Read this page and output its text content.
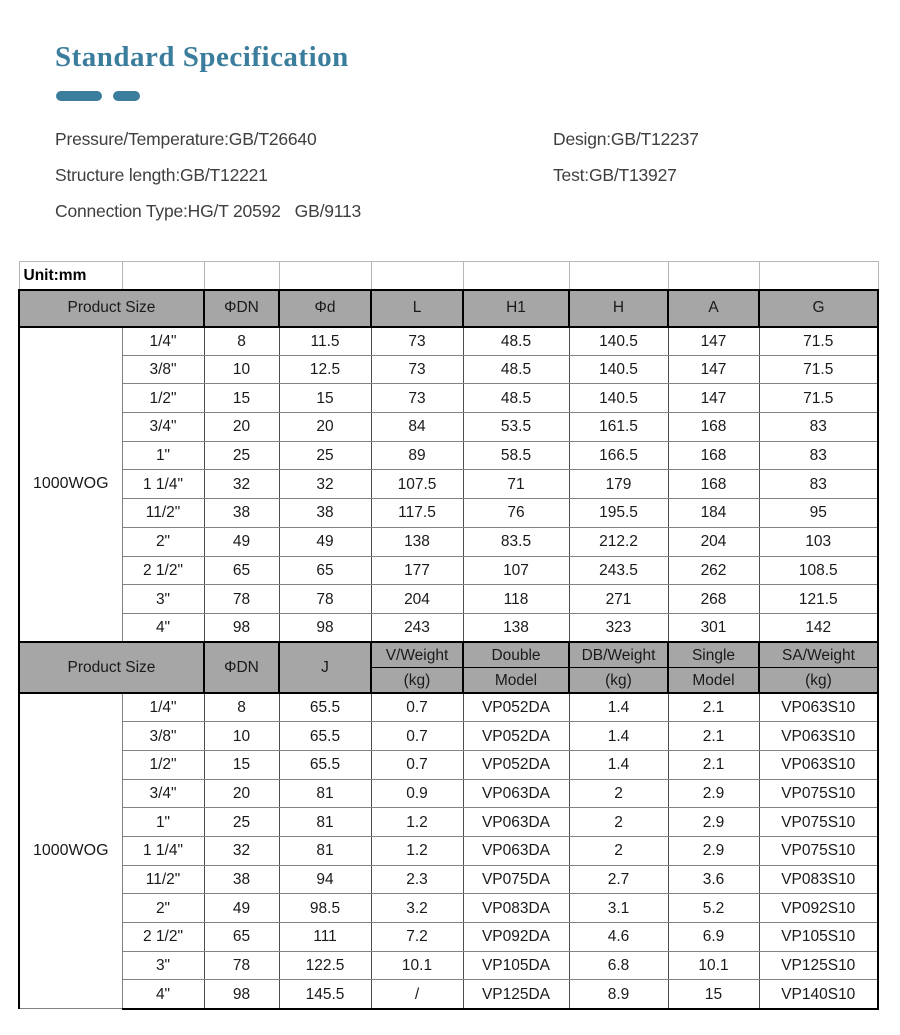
Standard Specification
Pressure/Temperature:GB/T26640	Design:GB/T12237
Structure length:GB/T12221	Test:GB/T13927
Connection Type:HG/T 20592   GB/9113
Unit:mm								
Product Size		ΦDN	Φd	L	H1	H	A	G
1000WOG	1/4"	8	11.5	73	48.5	140.5	147	71.5
	3/8"	10	12.5	73	48.5	140.5	147	71.5
	1/2"	15	15	73	48.5	140.5	147	71.5
	3/4"	20	20	84	53.5	161.5	168	83
	1"	25	25	89	58.5	166.5	168	83
	1 1/4"	32	32	107.5	71	179	168	83
	11/2"	38	38	117.5	76	195.5	184	95
	2"	49	49	138	83.5	212.2	204	103
	2 1/2"	65	65	177	107	243.5	262	108.5
	3"	78	78	204	118	271	268	121.5
	4"	98	98	243	138	323	301	142
Product Size		ΦDN	J	V/Weight	Double	DB/Weight	Single	SA/Weight
				(kg)	Model	(kg)	Model	(kg)
1000WOG	1/4"	8	65.5	0.7	VP052DA	1.4	2.1	VP063S10
	3/8"	10	65.5	0.7	VP052DA	1.4	2.1	VP063S10
	1/2"	15	65.5	0.7	VP052DA	1.4	2.1	VP063S10
	3/4"	20	81	0.9	VP063DA	2	2.9	VP075S10
	1"	25	81	1.2	VP063DA	2	2.9	VP075S10
	1 1/4"	32	81	1.2	VP063DA	2	2.9	VP075S10
	11/2"	38	94	2.3	VP075DA	2.7	3.6	VP083S10
	2"	49	98.5	3.2	VP083DA	3.1	5.2	VP092S10
	2 1/2"	65	111	7.2	VP092DA	4.6	6.9	VP105S10
	3"	78	122.5	10.1	VP105DA	6.8	10.1	VP125S10
	4"	98	145.5	/	VP125DA	8.9	15	VP140S10
